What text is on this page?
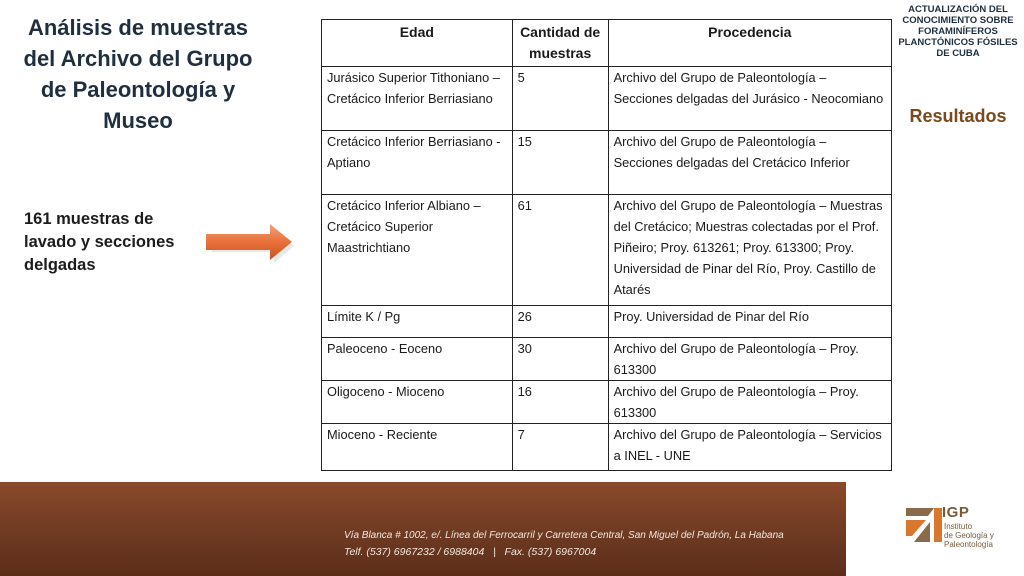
Análisis de muestras del Archivo del Grupo de Paleontología y Museo
161 muestras de lavado y secciones delgadas
ACTUALIZACIÓN DEL CONOCIMIENTO SOBRE FORAMINÍFEROS PLANCTÓNICOS FÓSILES DE CUBA
Resultados
Edad	Cantidad de muestras	Procedencia
Jurásico Superior Tithoniano – Cretácico Inferior Berriasiano	5	Archivo del Grupo de Paleontología – Secciones delgadas del Jurásico - Neocomiano
Cretácico Inferior Berriasiano - Aptiano	15	Archivo del Grupo de Paleontología – Secciones delgadas del Cretácico Inferior
Cretácico Inferior Albiano – Cretácico Superior Maastrichtiano	61	Archivo del Grupo de Paleontología – Muestras del Cretácico; Muestras colectadas por el Prof. Piñeiro; Proy. 613261; Proy. 613300; Proy. Universidad de Pinar del Río, Proy. Castillo de Atarés
Límite K / Pg	26	Proy. Universidad de Pinar del Río
Paleoceno - Eoceno	30	Archivo del Grupo de Paleontología – Proy. 613300
Oligoceno - Mioceno	16	Archivo del Grupo de Paleontología – Proy. 613300
Mioceno - Reciente	7	Archivo del Grupo de Paleontología – Servicios a INEL - UNE
Vía Blanca # 1002, e/. Línea del Ferrocarril y Carretera Central, San Miguel del Padrón, La Habana
Telf. (537) 6967232 / 6988404   |   Fax. (537) 6967004
IGP
Instituto
de Geología y Paleontología
